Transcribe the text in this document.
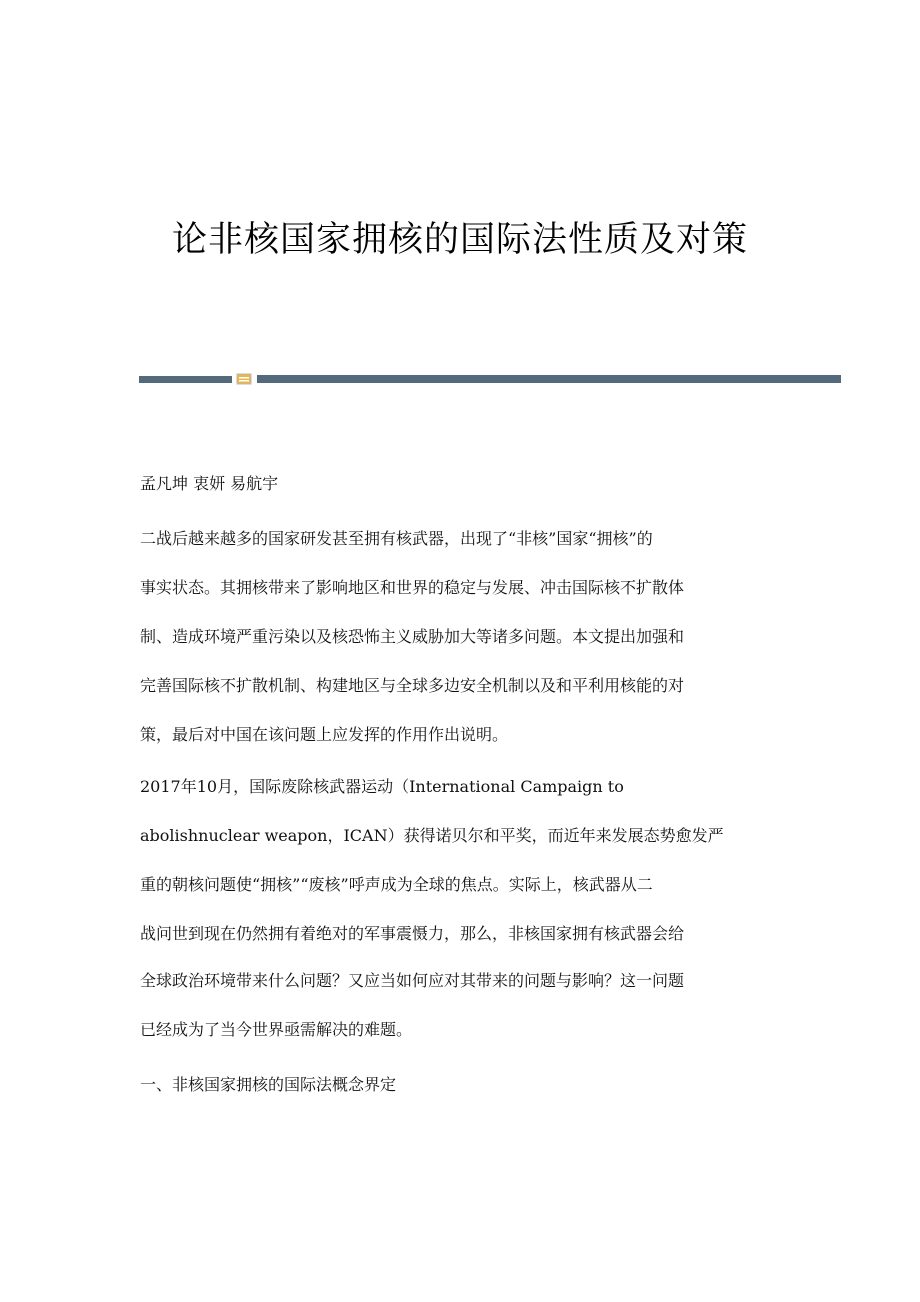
论非核国家拥核的国际法性质及对策
孟凡坤 衷妍 易航宇
二战后越来越多的国家研发甚至拥有核武器，出现了“非核”国家“拥核”的
事实状态。其拥核带来了影响地区和世界的稳定与发展、冲击国际核不扩散体
制、造成环境严重污染以及核恐怖主义威胁加大等诸多问题。本文提出加强和
完善国际核不扩散机制、构建地区与全球多边安全机制以及和平利用核能的对
策，最后对中国在该问题上应发挥的作用作出说明。
2017年10月，国际废除核武器运动（International Campaign to
abolishnuclear weapon，ICAN）获得诺贝尔和平奖，而近年来发展态势愈发严
重的朝核问题使“拥核”“废核”呼声成为全球的焦点。实际上，核武器从二
战问世到现在仍然拥有着绝对的军事震慑力，那么，非核国家拥有核武器会给
全球政治环境带来什么问题？又应当如何应对其带来的问题与影响？这一问题
已经成为了当今世界亟需解决的难题。
一、非核国家拥核的国际法概念界定
